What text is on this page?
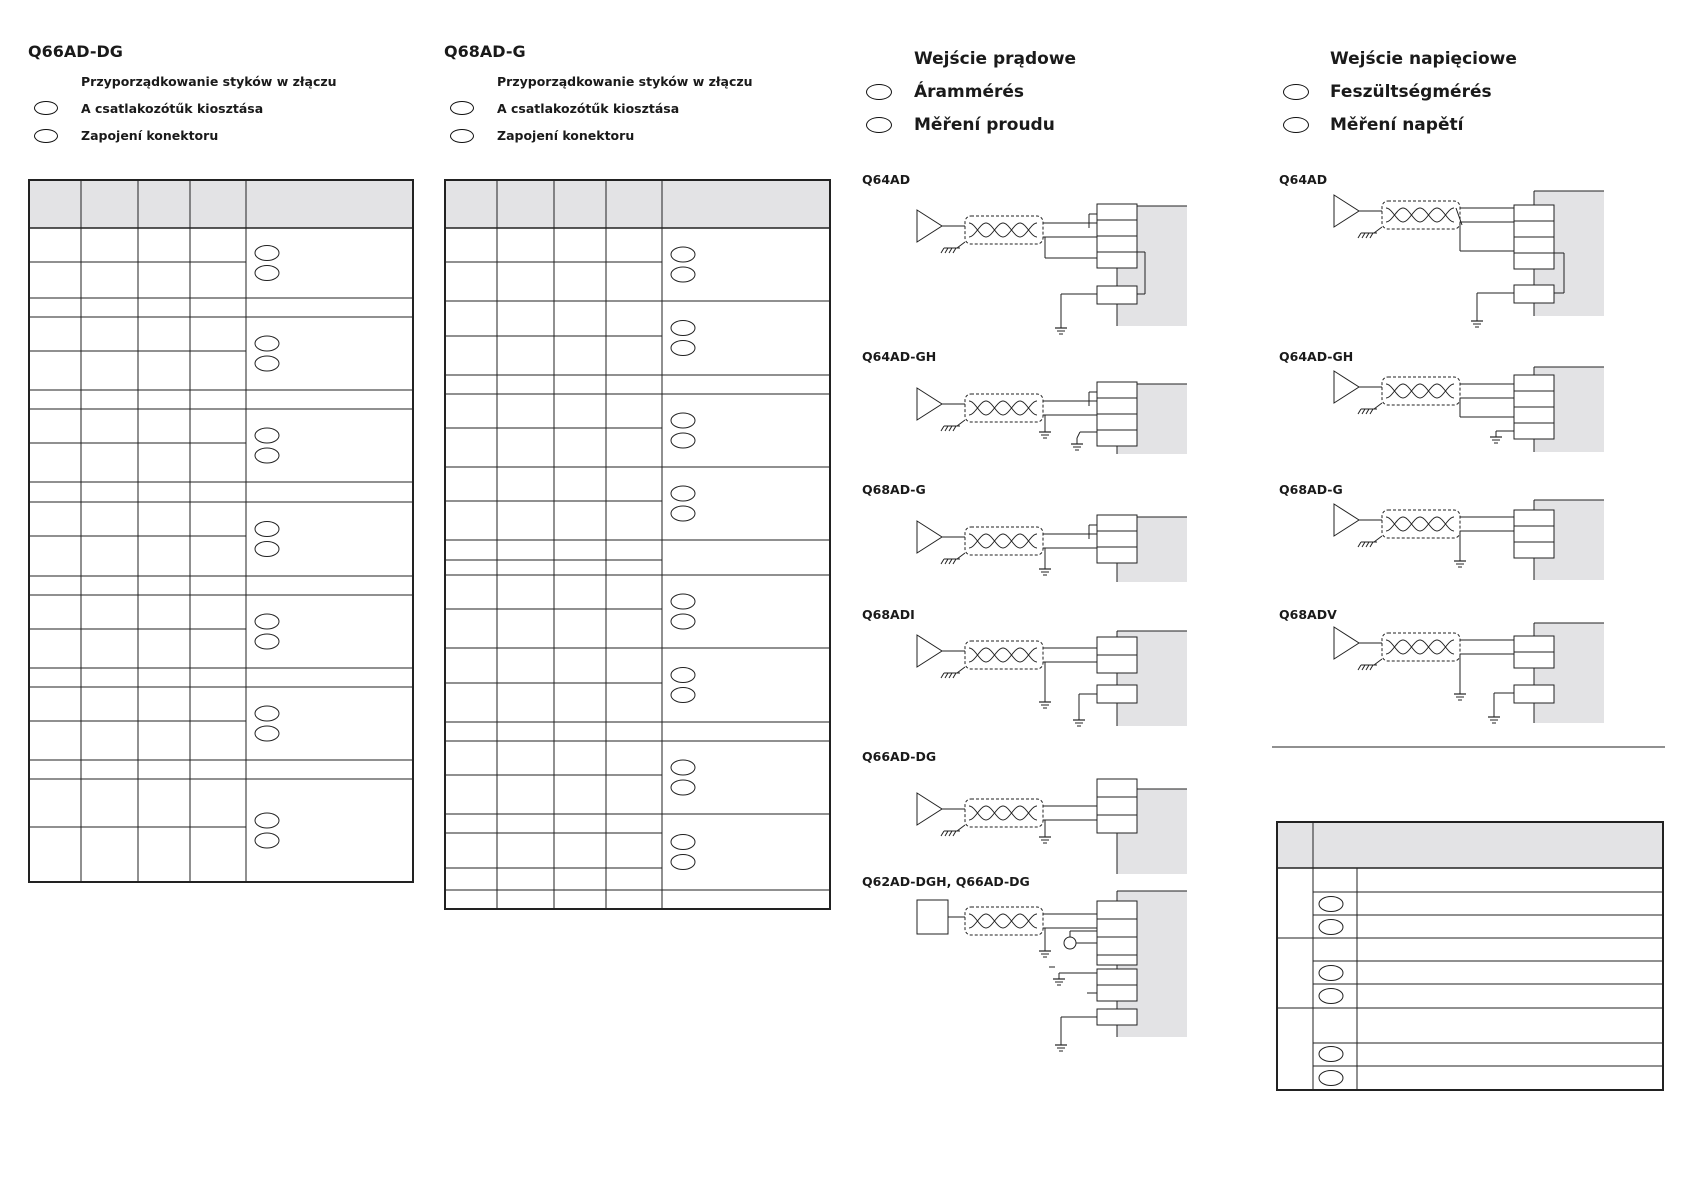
Q66AD-DG
Przyporządkowanie styków w złączu
A csatlakozótűk kiosztása
Zapojení konektoru
Q68AD-G
Przyporządkowanie styków w złączu
A csatlakozótűk kiosztása
Zapojení konektoru
Wejście prądowe
Árammérés
Měření proudu
Q64AD
Q64AD-GH
Q68AD-G
Q68ADI
Q66AD-DG
Q62AD-DGH, Q66AD-DG
Wejście napięciowe
Feszültségmérés
Měření napětí
Q64AD
Q64AD-GH
Q68AD-G
Q68ADV
